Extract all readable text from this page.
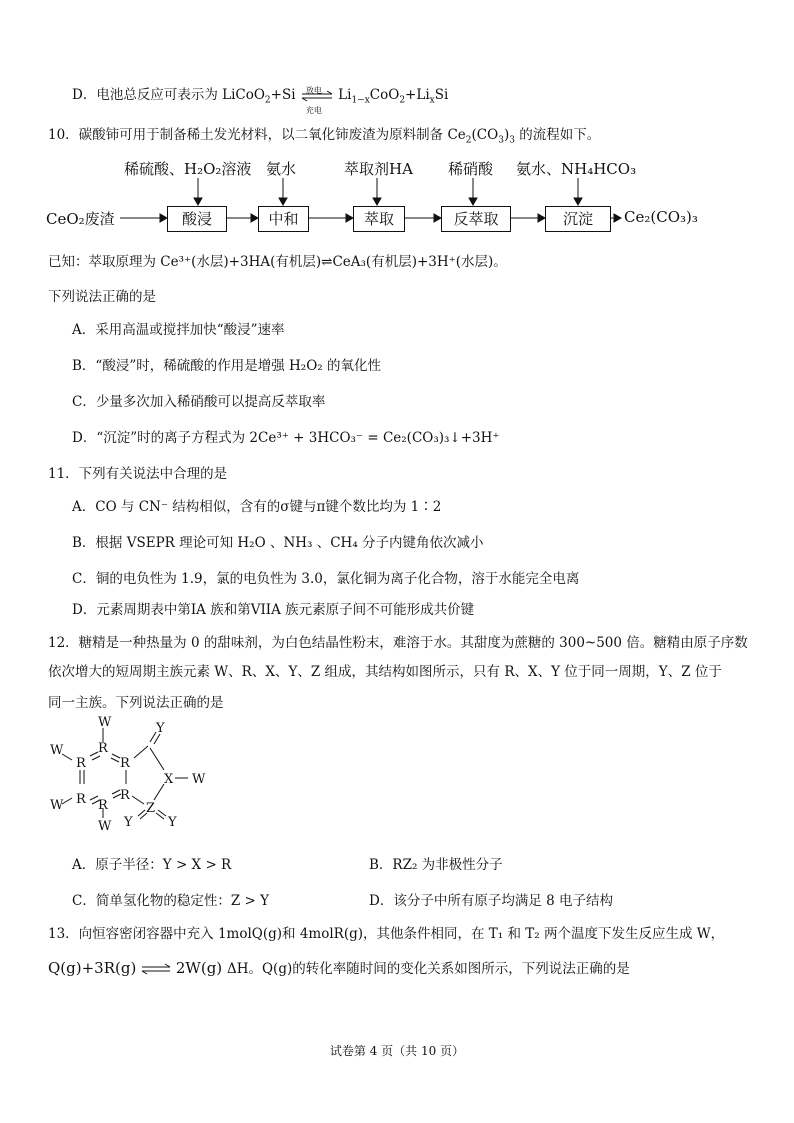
D．电池总反应可表示为 LiCoO$_2$+Si 放电
充电
$Li_{1-x}CoO_2+Li_xSi$
10．碳酸铈可用于制备稀土发光材料，以二氧化铈废渣为原料制备 $Ce_2(CO_3)_3$ 的流程如下。
稀硫酸、H₂O₂溶液 氨水	萃取剂HA 稀硝酸 氨水、NH₄HCO₃
CeO₂废渣	酸浸	中和	萃取	反萃取	沉淀	Ce₂(CO₃)₃
已知：萃取原理为 Ce³⁺(水层)+3HA(有机层)⇌CeA₃(有机层)+3H⁺(水层)。
下列说法正确的是
A．采用高温或搅拌加快“酸浸”速率
B．“酸浸”时，稀硫酸的作用是增强 H₂O₂ 的氧化性
C．少量多次加入稀硝酸可以提高反萃取率
D．“沉淀”时的离子方程式为 2Ce³⁺ + 3HCO₃⁻ = Ce₂(CO₃)₃↓+3H⁺
11．下列有关说法中合理的是
A．CO 与 CN⁻ 结构相似，含有的σ键与π键个数比均为 1∶2
B．根据 VSEPR 理论可知 H₂O 、NH₃ 、CH₄ 分子内键角依次减小
C．铜的电负性为 1.9，氯的电负性为 3.0，氯化铜为离子化合物，溶于水能完全电离
D．元素周期表中第IA 族和第VIIA 族元素原子间不可能形成共价键
12．糖精是一种热量为 0 的甜味剂，为白色结晶性粉末，难溶于水。其甜度为蔗糖的 300~500 倍。糖精由原子序数
依次增大的短周期主族元素 W、R、X、Y、Z 组成，其结构如图所示，只有 R、X、Y 位于同一周期，Y、Z 位于
同一主族。下列说法正确的是
W
W
R
R
R
R R
R
Y
X W
Z
Y	Y
W
W
A．原子半径：Y > X > R	B．RZ₂ 为非极性分子
C．简单氢化物的稳定性：Z > Y	D．该分子中所有原子均满足 8 电子结构
13．向恒容密闭容器中充入 1molQ(g)和 4molR(g)，其他条件相同，在 T₁ 和 T₂ 两个温度下发生反应生成 W，
Q(g)+3R(g) ⇌ 2W(g) ΔH。Q(g)的转化率随时间的变化关系如图所示，下列说法正确的是
试卷第 4 页（共 10 页）
